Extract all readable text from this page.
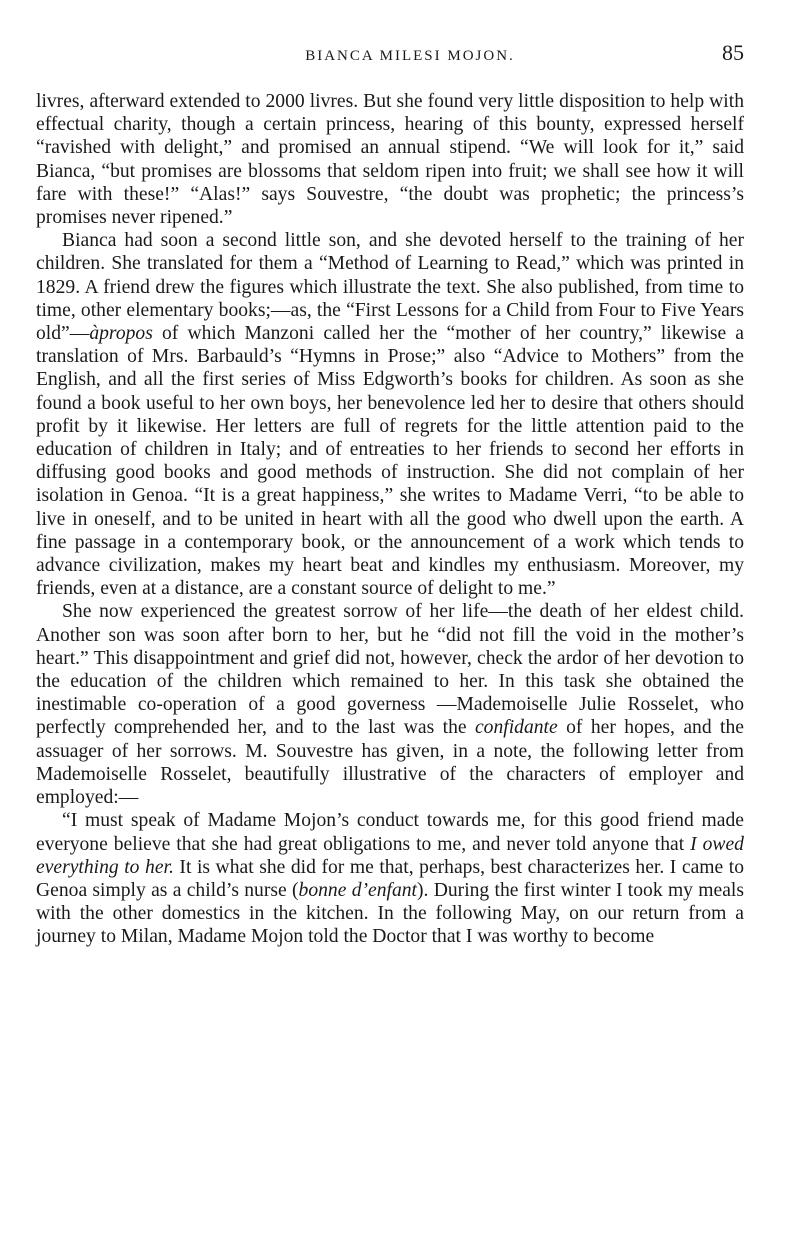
BIANCA MILESI MOJON.	85

livres, afterward extended to 2000 livres. But she found very little disposition to help with effectual charity, though a certain princess, hearing of this bounty, expressed herself “ravished with delight,” and promised an annual stipend. “We will look for it,” said Bianca, “but promises are blossoms that seldom ripen into fruit; we shall see how it will fare with these!” “Alas!” says Souvestre, “the doubt was prophetic; the princess’s promises never ripened.”

Bianca had soon a second little son, and she devoted herself to the training of her children. She translated for them a “Method of Learning to Read,” which was printed in 1829. A friend drew the figures which illustrate the text. She also published, from time to time, other elementary books;—as, the “First Lessons for a Child from Four to Five Years old”—àpropos of which Manzoni called her the “mother of her country,” likewise a translation of Mrs. Barbauld’s “Hymns in Prose;” also “Advice to Mothers” from the English, and all the first series of Miss Edgworth’s books for children. As soon as she found a book useful to her own boys, her benevolence led her to desire that others should profit by it likewise. Her letters are full of regrets for the little attention paid to the education of children in Italy; and of entreaties to her friends to second her efforts in diffusing good books and good methods of instruction. She did not complain of her isolation in Genoa. “It is a great happiness,” she writes to Madame Verri, “to be able to live in oneself, and to be united in heart with all the good who dwell upon the earth. A fine passage in a contemporary book, or the announcement of a work which tends to advance civilization, makes my heart beat and kindles my enthusiasm. Moreover, my friends, even at a distance, are a constant source of delight to me.”

She now experienced the greatest sorrow of her life—the death of her eldest child. Another son was soon after born to her, but he “did not fill the void in the mother’s heart.” This disappointment and grief did not, however, check the ardor of her devotion to the education of the children which remained to her. In this task she obtained the inestimable co-operation of a good governess —Mademoiselle Julie Rosselet, who perfectly comprehended her, and to the last was the confidante of her hopes, and the assuager of her sorrows. M. Souvestre has given, in a note, the following letter from Mademoiselle Rosselet, beautifully illustrative of the characters of employer and employed:—

“I must speak of Madame Mojon’s conduct towards me, for this good friend made everyone believe that she had great obligations to me, and never told anyone that I owed everything to her. It is what she did for me that, perhaps, best characterizes her. I came to Genoa simply as a child’s nurse (bonne d’enfant). During the first winter I took my meals with the other domestics in the kitchen. In the following May, on our return from a journey to Milan, Madame Mojon told the Doctor that I was worthy to become
